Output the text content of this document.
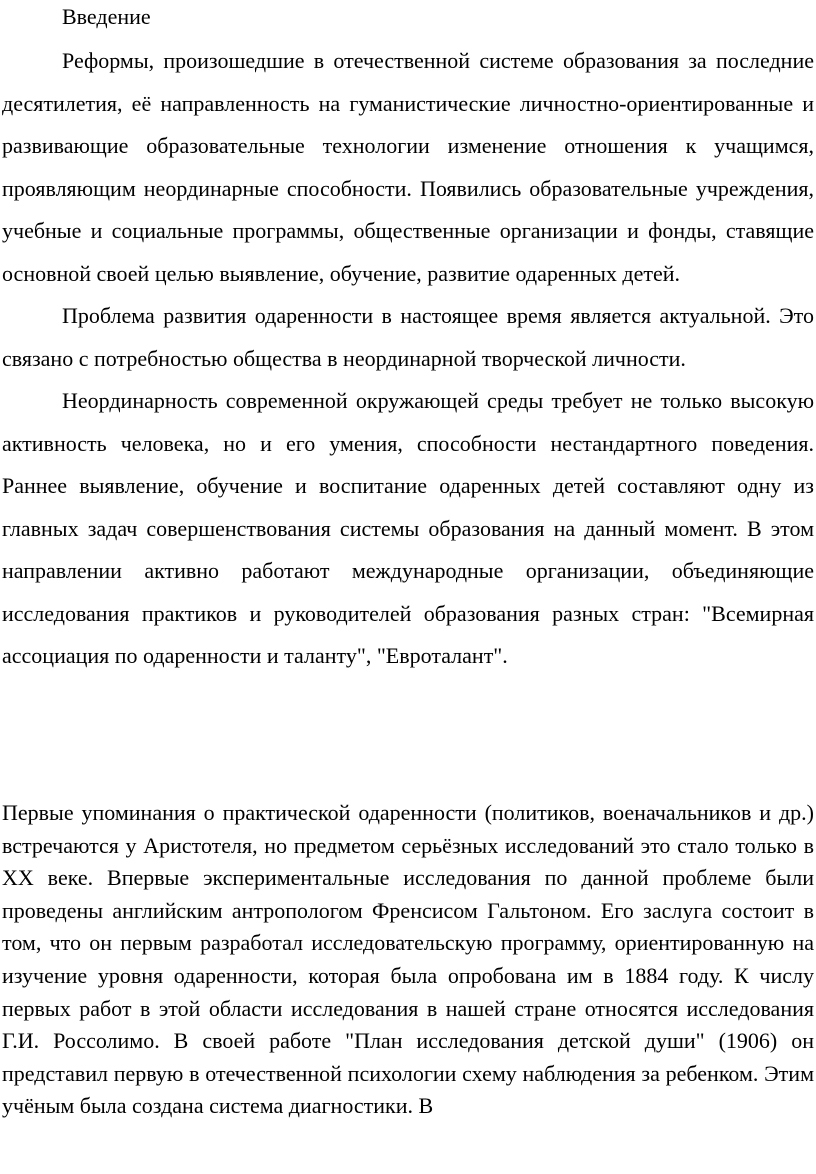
Введение

Реформы, произошедшие в отечественной системе образования за последние десятилетия, её направленность на гуманистические личностно-ориентированные и развивающие образовательные технологии изменение отношения к учащимся, проявляющим неординарные способности. Появились образовательные учреждения, учебные и социальные программы, общественные организации и фонды, ставящие основной своей целью выявление, обучение, развитие одаренных детей.

Проблема развития одаренности в настоящее время является актуальной. Это связано с потребностью общества в неординарной творческой личности.

Неординарность современной окружающей среды требует не только высокую активность человека, но и его умения, способности нестандартного поведения. Раннее выявление, обучение и воспитание одаренных детей составляют одну из главных задач совершенствования системы образования на данный момент. В этом направлении активно работают международные организации, объединяющие исследования практиков и руководителей образования разных стран: "Всемирная ассоциация по одаренности и таланту", "Евроталант".

Первые упоминания о практической одаренности (политиков, военачальников и др.) встречаются у Аристотеля, но предметом серьёзных исследований это стало только в XX веке. Впервые экспериментальные исследования по данной проблеме были проведены английским антропологом Френсисом Гальтоном. Его заслуга состоит в том, что он первым разработал исследовательскую программу, ориентированную на изучение уровня одаренности, которая была опробована им в 1884 году. К числу первых работ в этой области исследования в нашей стране относятся исследования Г.И. Россолимо. В своей работе "План исследования детской души" (1906) он представил первую в отечественной психологии схему наблюдения за ребенком. Этим учёным была создана система диагностики. В
